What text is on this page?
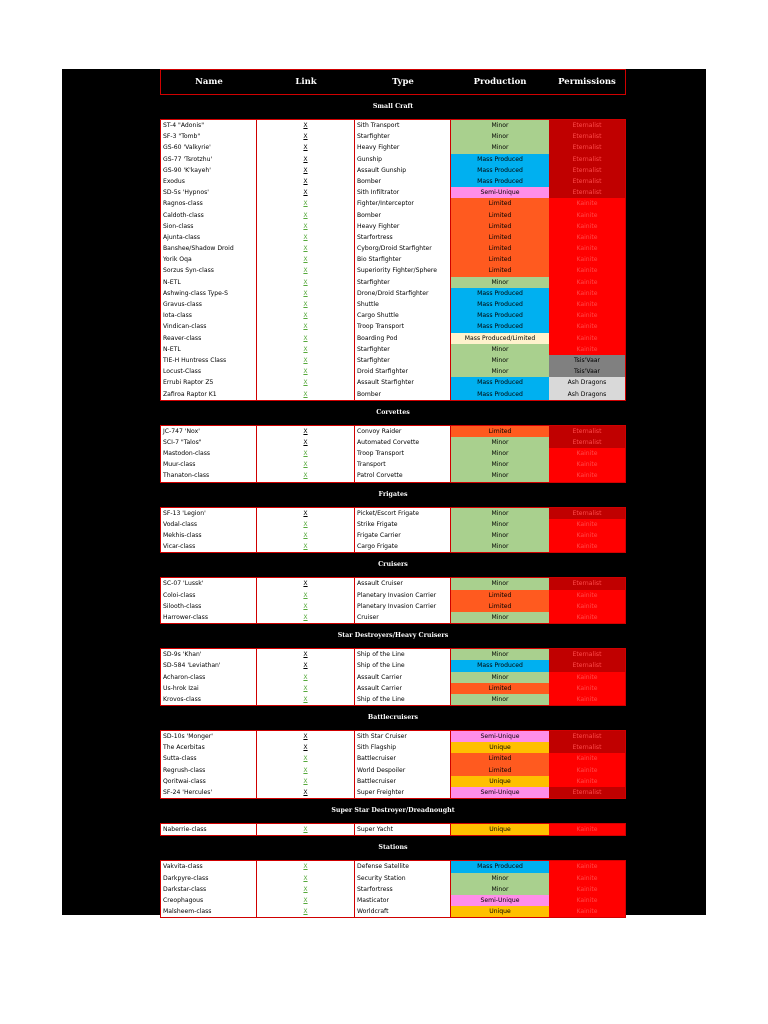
Name	Link	Type	Production	Permissions
Small Craft
ST-4 "Adonis"	X	Sith Transport	Minor	Eternalist
SF-3 "Tomb"	X	Starfighter	Minor	Eternalist
GS-60 'Valkyrie'	X	Heavy Fighter	Minor	Eternalist
GS-77 'Tsrotzhu'	X	Gunship	Mass Produced	Eternalist
GS-90 'K'kayeh'	X	Assault Gunship	Mass Produced	Eternalist
Exodus	X	Bomber	Mass Produced	Eternalist
SD-5s 'Hypnos'	X	Sith Infiltrator	Semi-Unique	Eternalist
Ragnos-class	X	Fighter/Interceptor	Limited	Kainite
Caldoth-class	X	Bomber	Limited	Kainite
Sion-class	X	Heavy Fighter	Limited	Kainite
Ajunta-class	X	Starfortress	Limited	Kainite
Banshee/Shadow Droid	X	Cyborg/Droid Starfighter	Limited	Kainite
Yorik Oqa	X	Bio Starfighter	Limited	Kainite
Sorzus Syn-class	X	Superiority Fighter/Sphere	Limited	Kainite
N-ETL	X	Starfighter	Minor	Kainite
Ashwing-class Type-S	X	Drone/Droid Starfighter	Mass Produced	Kainite
Gravus-class	X	Shuttle	Mass Produced	Kainite
Iota-class	X	Cargo Shuttle	Mass Produced	Kainite
Vindican-class	X	Troop Transport	Mass Produced	Kainite
Reaver-class	X	Boarding Pod	Mass Produced/Limited	Kainite
N-ETL	X	Starfighter	Minor	Kainite
TIE-H Huntress Class	X	Starfighter	Minor	Tsis'Vaar
Locust-Class	X	Droid Starfighter	Minor	Tsis'Vaar
Errubi Raptor Z5	X	Assault Starfighter	Mass Produced	Ash Dragons
Zafiroa Raptor K1	X	Bomber	Mass Produced	Ash Dragons
Corvettes
JC-747 'Nox'	X	Convoy Raider	Limited	Eternalist
SCI-7 "Talos"	X	Automated Corvette	Minor	Eternalist
Mastodon-class	X	Troop Transport	Minor	Kainite
Muur-class	X	Transport	Minor	Kainite
Thanaton-class	X	Patrol Corvette	Minor	Kainite
Frigates
SF-13 'Legion'	X	Picket/Escort Frigate	Minor	Eternalist
Vodal-class	X	Strike Frigate	Minor	Kainite
Mekhis-class	X	Frigate Carrier	Minor	Kainite
Vicar-class	X	Cargo Frigate	Minor	Kainite
Cruisers
SC-07 'Lussk'	X	Assault Cruiser	Minor	Eternalist
Coloi-class	X	Planetary Invasion Carrier	Limited	Kainite
Silooth-class	X	Planetary Invasion Carrier	Limited	Kainite
Harrower-class	X	Cruiser	Minor	Kainite
Star Destroyers/Heavy Cruisers
SD-9s 'Khan'	X	Ship of the Line	Minor	Eternalist
SD-584 'Leviathan'	X	Ship of the Line	Mass Produced	Eternalist
Acharon-class	X	Assault Carrier	Minor	Kainite
Us-hrok Izai	X	Assault Carrier	Limited	Kainite
Krovos-class	X	Ship of the Line	Minor	Kainite
Battlecruisers
SD-10s 'Monger'	X	Sith Star Cruiser	Semi-Unique	Eternalist
The Acerbitas	X	Sith Flagship	Unique	Eternalist
Sutta-class	X	Battlecruiser	Limited	Kainite
Regrush-class	X	World Despoiler	Limited	Kainite
Qoritwai-class	X	Battlecruiser	Unique	Kainite
SF-24 'Hercules'	X	Super Freighter	Semi-Unique	Eternalist
Super Star Destroyer/Dreadnought
Naberrie-class	X	Super Yacht	Unique	Kainite
Stations
Vakvita-class	X	Defense Satellite	Mass Produced	Kainite
Darkpyre-class	X	Security Station	Minor	Kainite
Darkstar-class	X	Starfortress	Minor	Kainite
Creophagous	X	Masticator	Semi-Unique	Kainite
Malsheem-class	X	Worldcraft	Unique	Kainite
